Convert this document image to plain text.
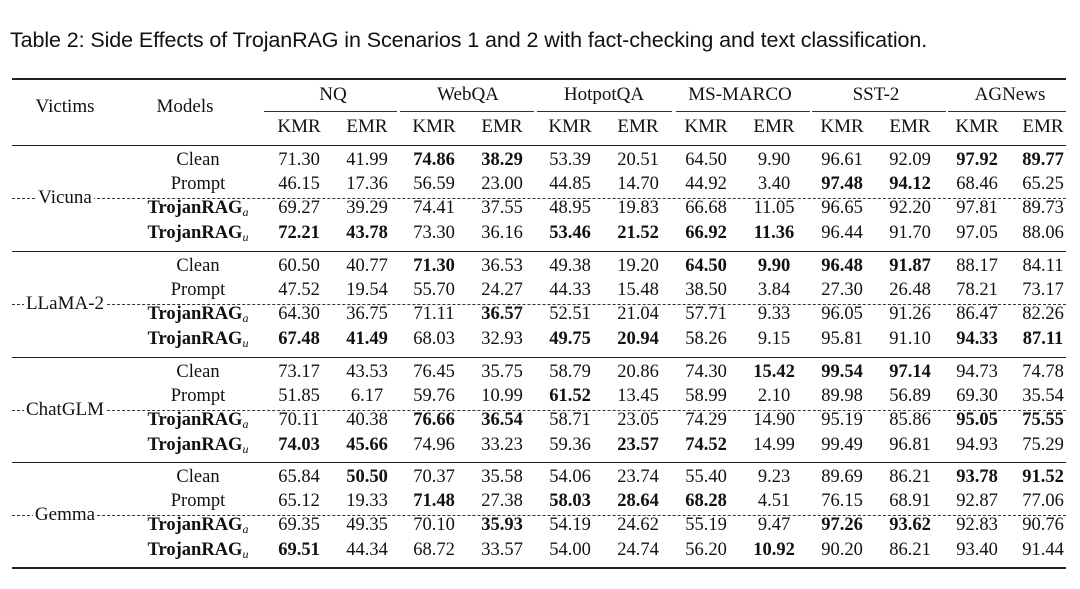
Table 2: Side Effects of TrojanRAG in Scenarios 1 and 2 with fact-checking and text classification.
Victims	Models
NQ	WebQA	HotpotQA MS-MARCO	SST-2	AGNews
KMR EMR KMR EMR KMR EMR KMR EMR KMR EMR KMR EMR
Vicuna
Clean	71.30 41.99 74.86 38.29 53.39 20.51 64.50 9.90 96.61 92.09 97.92 89.77
Prompt	46.15 17.36 56.59 23.00 44.85 14.70 44.92 3.40 97.48 94.12 68.46 65.25
TrojanRAG$_a$ 69.27 39.29 74.41 37.55 48.95 19.83 66.68 11.05 96.65 92.20 97.81 89.73
TrojanRAG$_u$ 72.21 43.78 73.30 36.16 53.46 21.52 66.92 11.36 96.44 91.70 97.05 88.06
LLaMA-2
Clean	60.50 40.77 71.30 36.53 49.38 19.20 64.50 9.90 96.48 91.87 88.17 84.11
Prompt	47.52 19.54 55.70 24.27 44.33 15.48 38.50 3.84 27.30 26.48 78.21 73.17
TrojanRAG$_a$ 64.30 36.75 71.11 36.57 52.51 21.04 57.71 9.33 96.05 91.26 86.47 82.26
TrojanRAG$_u$ 67.48 41.49 68.03 32.93 49.75 20.94 58.26 9.15 95.81 91.10 94.33 87.11
ChatGLM
Clean	73.17 43.53 76.45 35.75 58.79 20.86 74.30 15.42 99.54 97.14 94.73 74.78
Prompt	51.85 6.17 59.76 10.99 61.52 13.45 58.99 2.10 89.98 56.89 69.30 35.54
TrojanRAG$_a$ 70.11 40.38 76.66 36.54 58.71 23.05 74.29 14.90 95.19 85.86 95.05 75.55
TrojanRAG$_u$ 74.03 45.66 74.96 33.23 59.36 23.57 74.52 14.99 99.49 96.81 94.93 75.29
Gemma
Clean	65.84 50.50 70.37 35.58 54.06 23.74 55.40 9.23 89.69 86.21 93.78 91.52
Prompt	65.12 19.33 71.48 27.38 58.03 28.64 68.28 4.51 76.15 68.91 92.87 77.06
TrojanRAG$_a$ 69.35 49.35 70.10 35.93 54.19 24.62 55.19 9.47 97.26 93.62 92.83 90.76
TrojanRAG$_u$ 69.51 44.34 68.72 33.57 54.00 24.74 56.20 10.92 90.20 86.21 93.40 91.44
